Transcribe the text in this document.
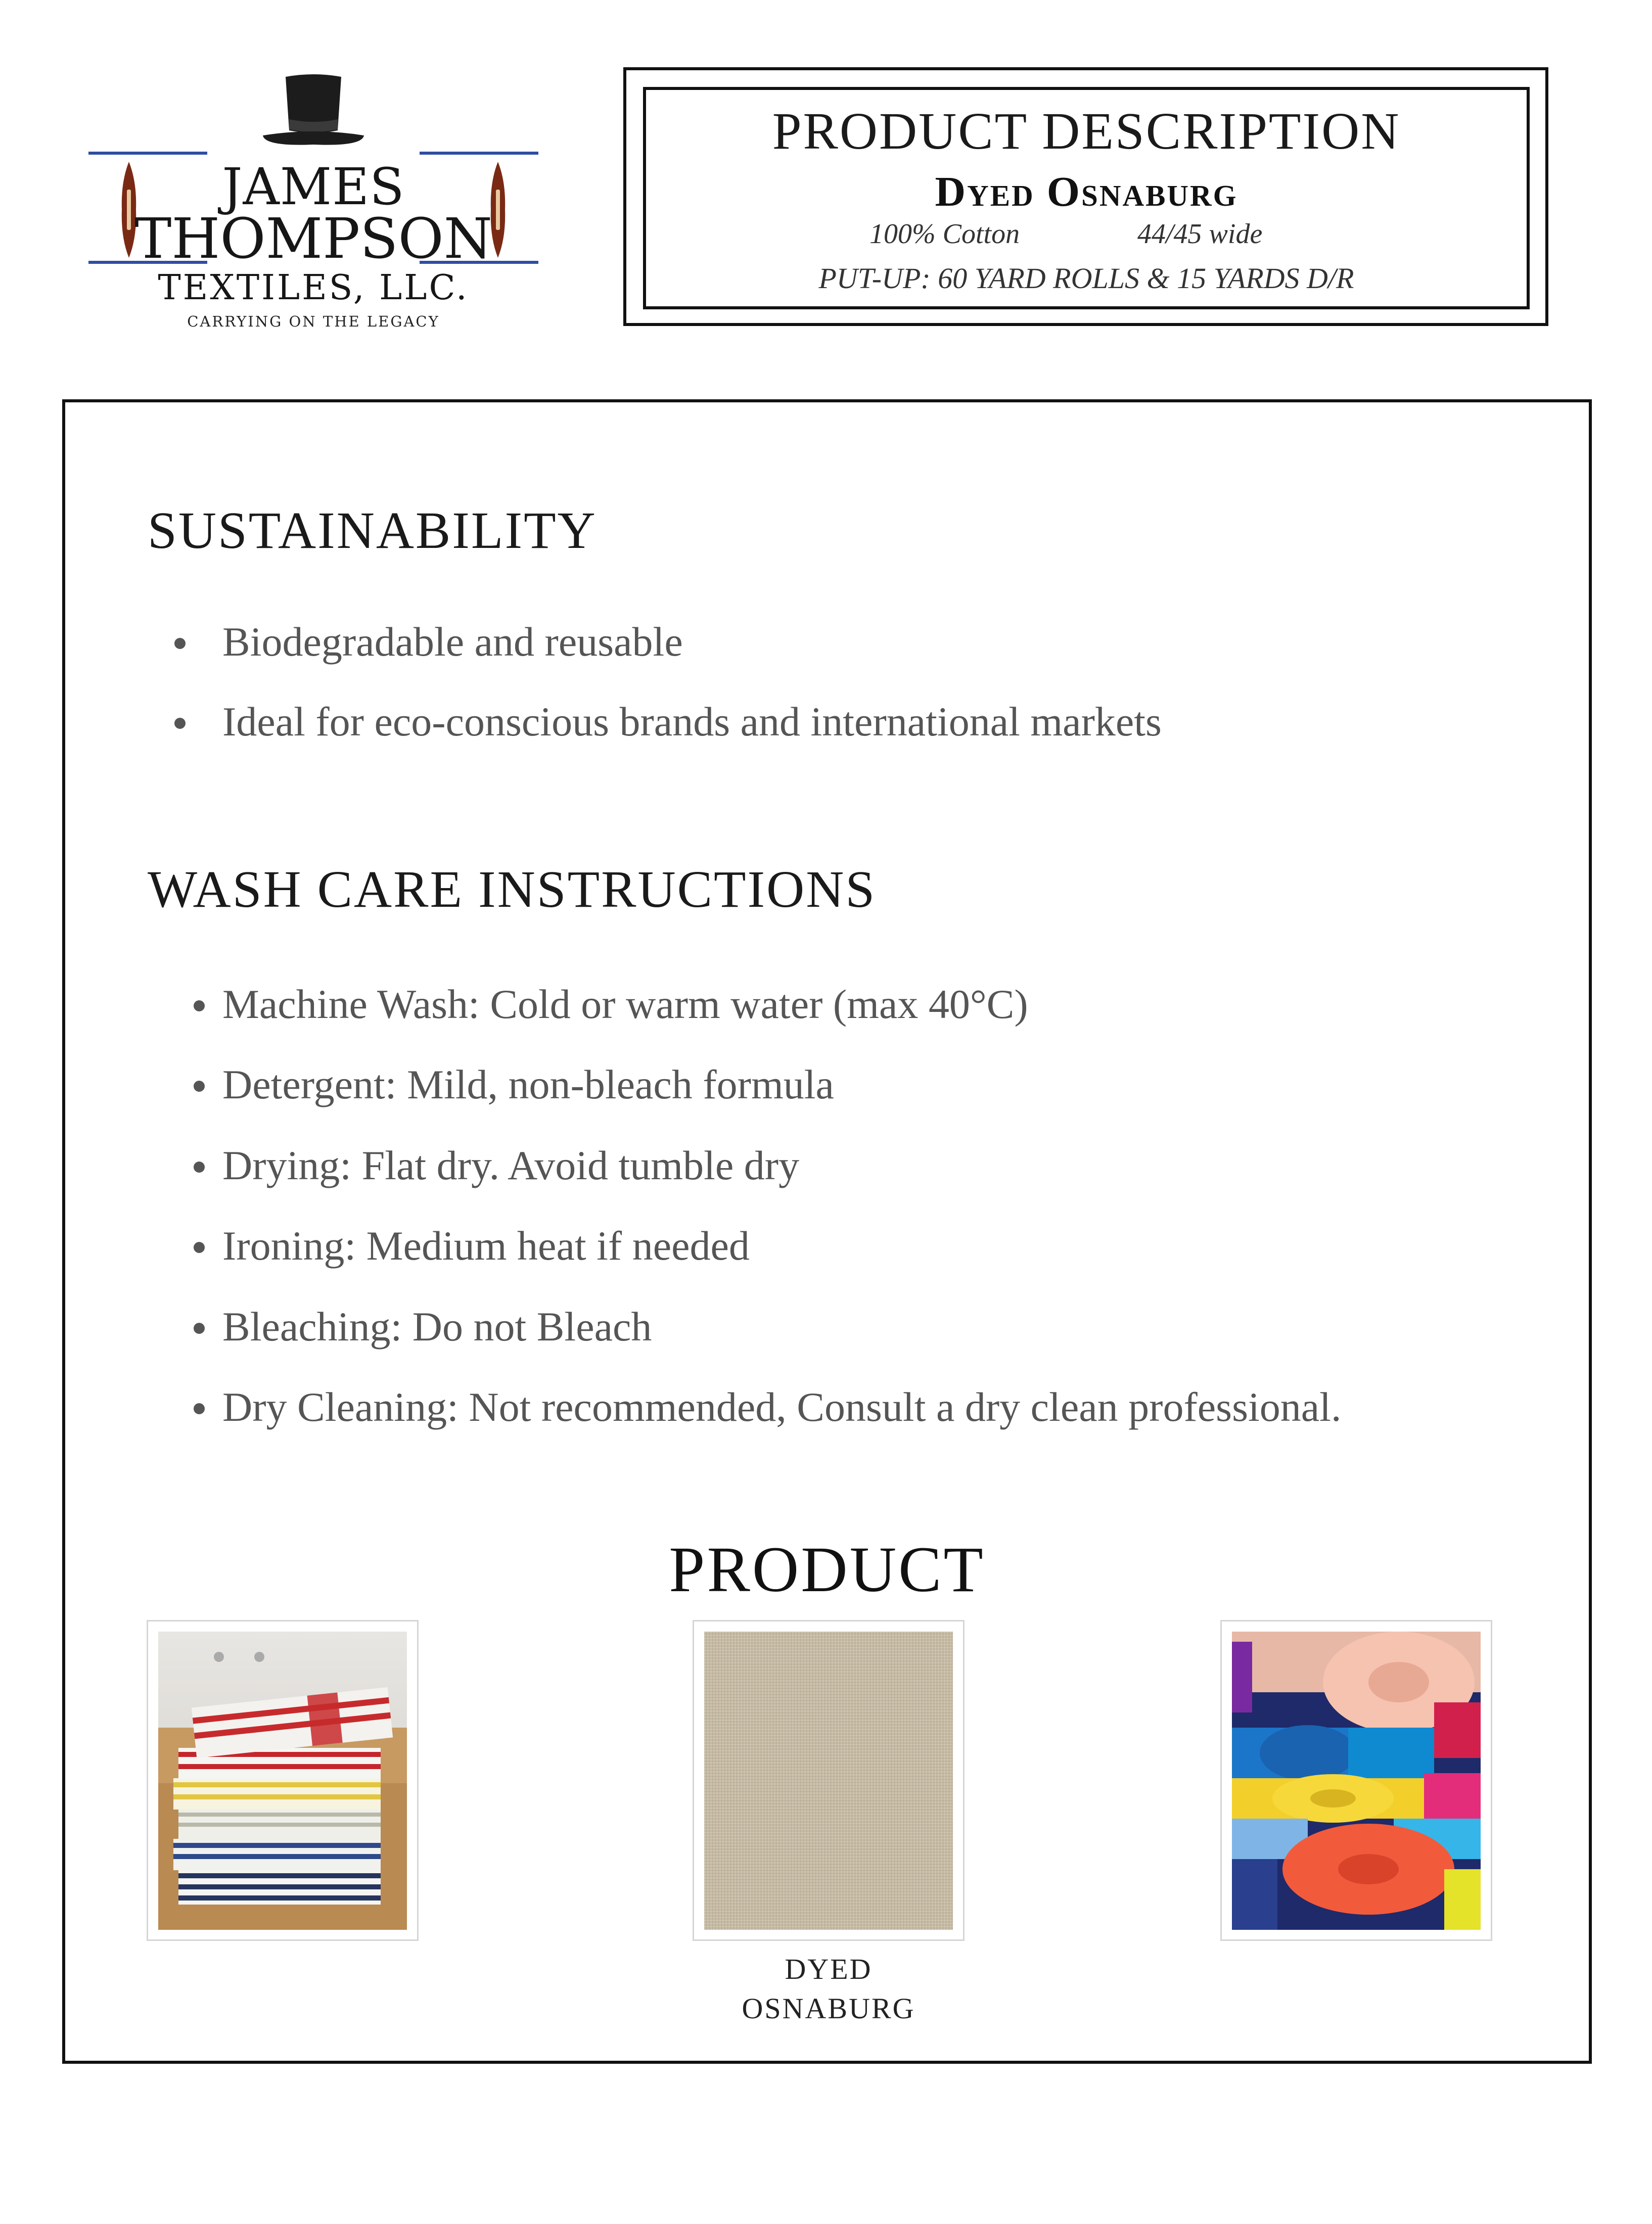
JAMES
THOMPSON
TEXTILES, LLC.
CARRYING ON THE LEGACY
PRODUCT DESCRIPTION
Dyed Osnaburg
100% Cotton	44/45 wide
PUT-UP: 60 YARD ROLLS & 15 YARDS D/R
SUSTAINABILITY
Biodegradable and reusable
Ideal for eco-conscious brands and international markets
WASH CARE INSTRUCTIONS
Machine Wash: Cold or warm water (max 40°C)
Detergent: Mild, non-bleach formula
Drying: Flat dry. Avoid tumble dry
Ironing: Medium heat if needed
Bleaching: Do not Bleach
Dry Cleaning: Not recommended, Consult a dry clean professional.
PRODUCT
DYED
OSNABURG
